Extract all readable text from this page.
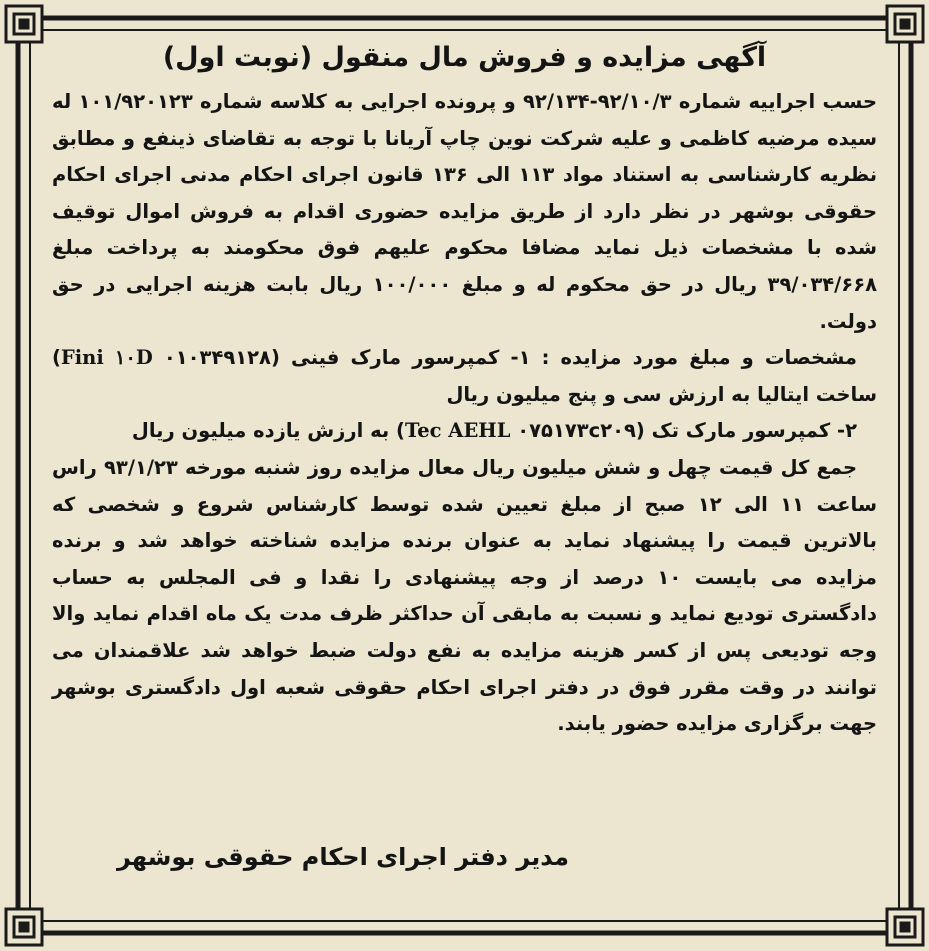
آگهی مزایده و فروش مال منقول (نوبت اول)

حسب اجراییه شماره ۹۲/۱۰/۳-۹۲/۱۳۴ و پرونده اجرایی به کلاسه شماره ۱۰۱/۹۲۰۱۲۳ له سیده مرضیه کاظمی و علیه شرکت نوین چاپ آریانا با توجه به تقاضای ذینفع و مطابق نظریه کارشناسی به استناد مواد ۱۱۳ الی ۱۳۶ قانون اجرای احکام مدنی اجرای احکام حقوقی بوشهر در نظر دارد از طریق مزایده حضوری اقدام به فروش اموال توقیف شده با مشخصات ذیل نماید مضافا محکوم علیهم فوق محکومند به پرداخت مبلغ ۳۹/۰۳۴/۶۶۸ ریال در حق محکوم له و مبلغ ۱۰۰/۰۰۰ ریال بابت هزینه اجرایی در حق دولت.

مشخصات و مبلغ مورد مزایده : ۱- کمپرسور مارک فینی (Fini ۱۰D ۰۱۰۳۴۹۱۲۸) ساخت ایتالیا به ارزش سی و پنج میلیون ریال

۲- کمپرسور مارک تک (Tec AEHL ۰۷۵۱۷۳c۲۰۹) به ارزش یازده میلیون ریال

جمع کل قیمت چهل و شش میلیون ریال معال مزایده روز شنبه مورخه ۹۳/۱/۲۳ راس ساعت ۱۱ الی ۱۲ صبح از مبلغ تعیین شده توسط کارشناس شروع و شخصی که بالاترین قیمت را پیشنهاد نماید به عنوان برنده مزایده شناخته خواهد شد و برنده مزایده می بایست ۱۰ درصد از وجه پیشنهادی را نقدا و فی المجلس به حساب دادگستری تودیع نماید و نسبت به مابقی آن حداکثر ظرف مدت یک ماه اقدام نماید والا وجه تودیعی پس از کسر هزینه مزایده به نفع دولت ضبط خواهد شد علاقمندان می توانند در وقت مقرر فوق در دفتر اجرای احکام حقوقی شعبه اول دادگستری بوشهر جهت برگزاری مزایده حضور یابند.

مدیر دفتر اجرای احکام حقوقی بوشهر
